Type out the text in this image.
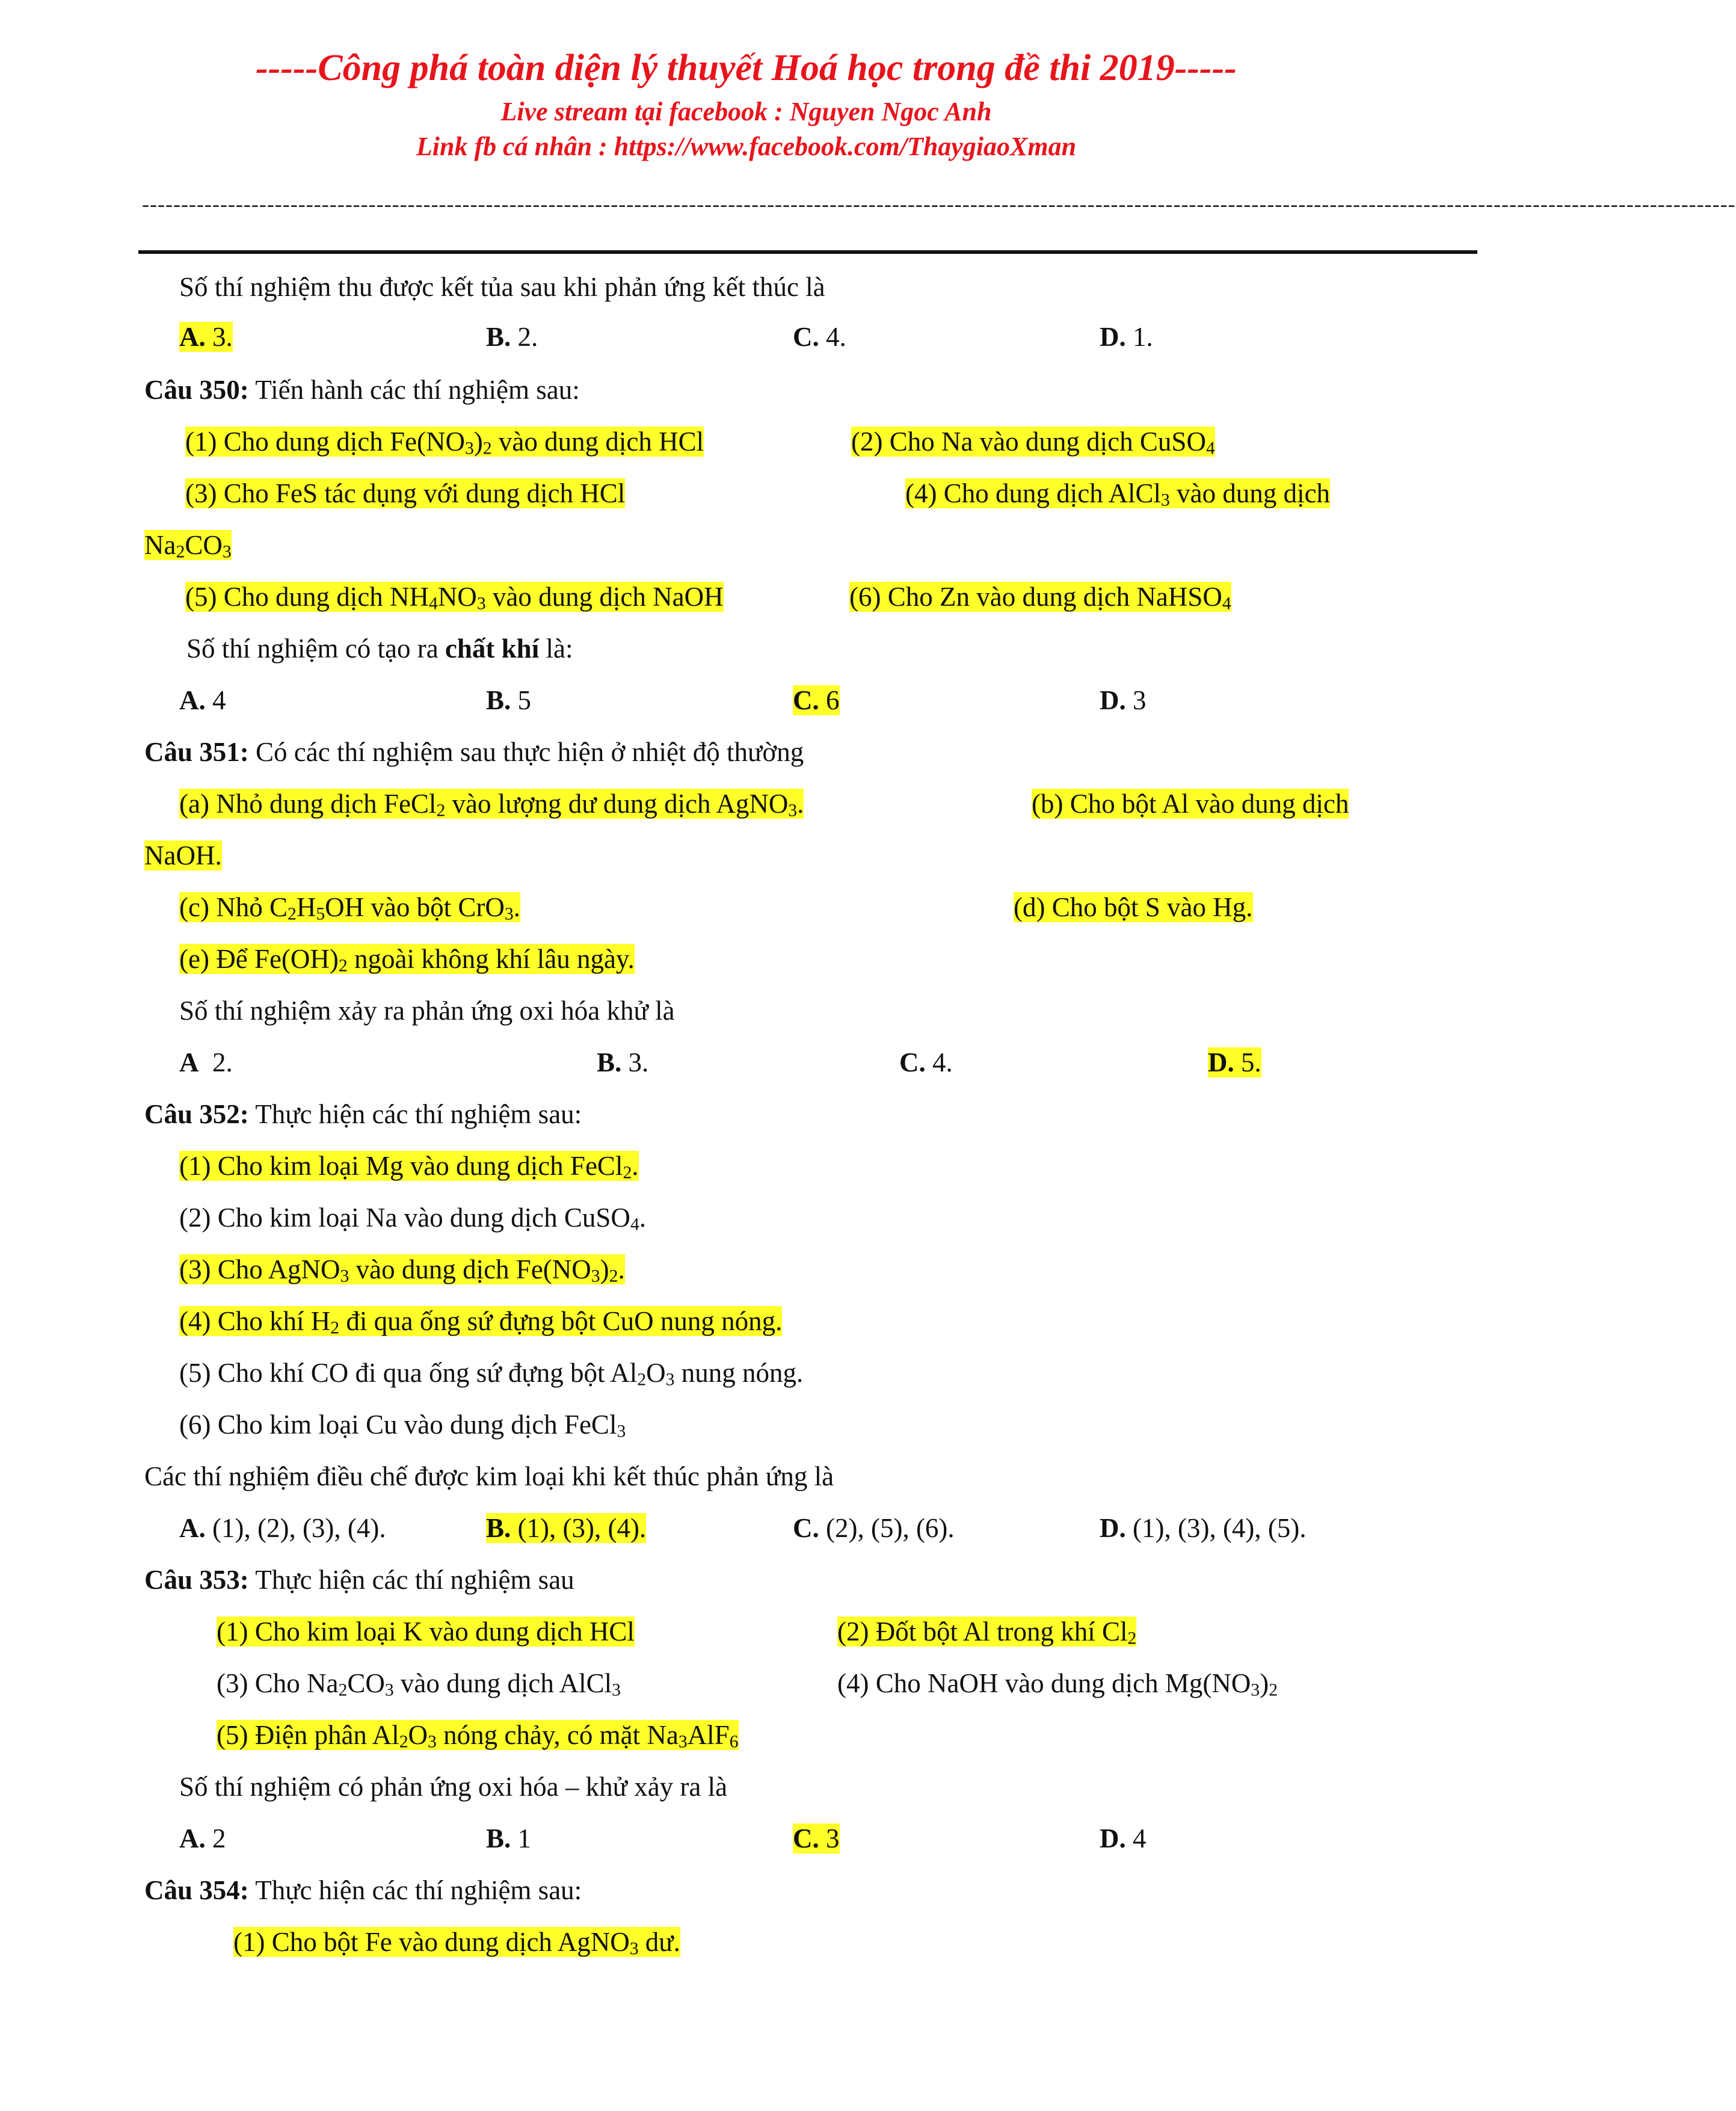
-----Công phá toàn diện lý thuyết Hoá học trong đề thi 2019-----
Live stream tại facebook : Nguyen Ngoc Anh
Link fb cá nhân : https://www.facebook.com/ThaygiaoXman
------------------------------------------------------------------------------------------------------------------------------------------------------------------------------------------------------------
Số thí nghiệm thu được kết tủa sau khi phản ứng kết thúc là
A. 3.	B. 2.	C. 4.	D. 1.
Câu 350: Tiến hành các thí nghiệm sau:
(1) Cho dung dịch $Fe(NO_3)_2$ vào dung dịch HCl	(2) Cho Na vào dung dịch CuSO$_4$
(3) Cho FeS tác dụng với dung dịch HCl	(4) Cho dung dịch AlCl$_3$ vào dung dịch
$Na_2CO_3$
(5) Cho dung dịch $NH_4NO_3$ vào dung dịch NaOH	(6) Cho Zn vào dung dịch NaHSO$_4$
Số thí nghiệm có tạo ra chất khí là:
A. 4	B. 5	C. 6	D. 3
Câu 351: Có các thí nghiệm sau thực hiện ở nhiệt độ thường
(a) Nhỏ dung dịch FeCl$_2$ vào lượng dư dung dịch AgNO$_3$.	(b) Cho bột Al vào dung dịch
NaOH.
(c) Nhỏ $C_2H_5OH$ vào bột CrO$_3$.	(d) Cho bột S vào Hg.
(e) Để $Fe(OH)_2$ ngoài không khí lâu ngày.
Số thí nghiệm xảy ra phản ứng oxi hóa khử là
A  2.	B. 3.	C. 4.	D. 5.
Câu 352: Thực hiện các thí nghiệm sau:
(1) Cho kim loại Mg vào dung dịch FeCl$_2$.
(2) Cho kim loại Na vào dung dịch CuSO$_4$.
(3) Cho AgNO$_3$ vào dung dịch $Fe(NO_3)_2$.
(4) Cho khí $H_2$ đi qua ống sứ đựng bột CuO nung nóng.
(5) Cho khí CO đi qua ống sứ đựng bột $Al_2O_3$ nung nóng.
(6) Cho kim loại Cu vào dung dịch FeCl$_3$
Các thí nghiệm điều chế được kim loại khi kết thúc phản ứng là
A. (1), (2), (3), (4).	B. (1), (3), (4).	C. (2), (5), (6).	D. (1), (3), (4), (5).
Câu 353: Thực hiện các thí nghiệm sau
(1) Cho kim loại K vào dung dịch HCl	(2) Đốt bột Al trong khí $Cl_2$
(3) Cho $Na_2CO_3$ vào dung dịch AlCl$_3$	(4) Cho NaOH vào dung dịch $Mg(NO_3)_2$
(5) Điện phân $Al_2O_3$ nóng chảy, có mặt $Na_3AlF_6$
Số thí nghiệm có phản ứng oxi hóa – khử xảy ra là
A. 2	B. 1	C. 3	D. 4
Câu 354: Thực hiện các thí nghiệm sau:
(1) Cho bột Fe vào dung dịch AgNO$_3$ dư.
